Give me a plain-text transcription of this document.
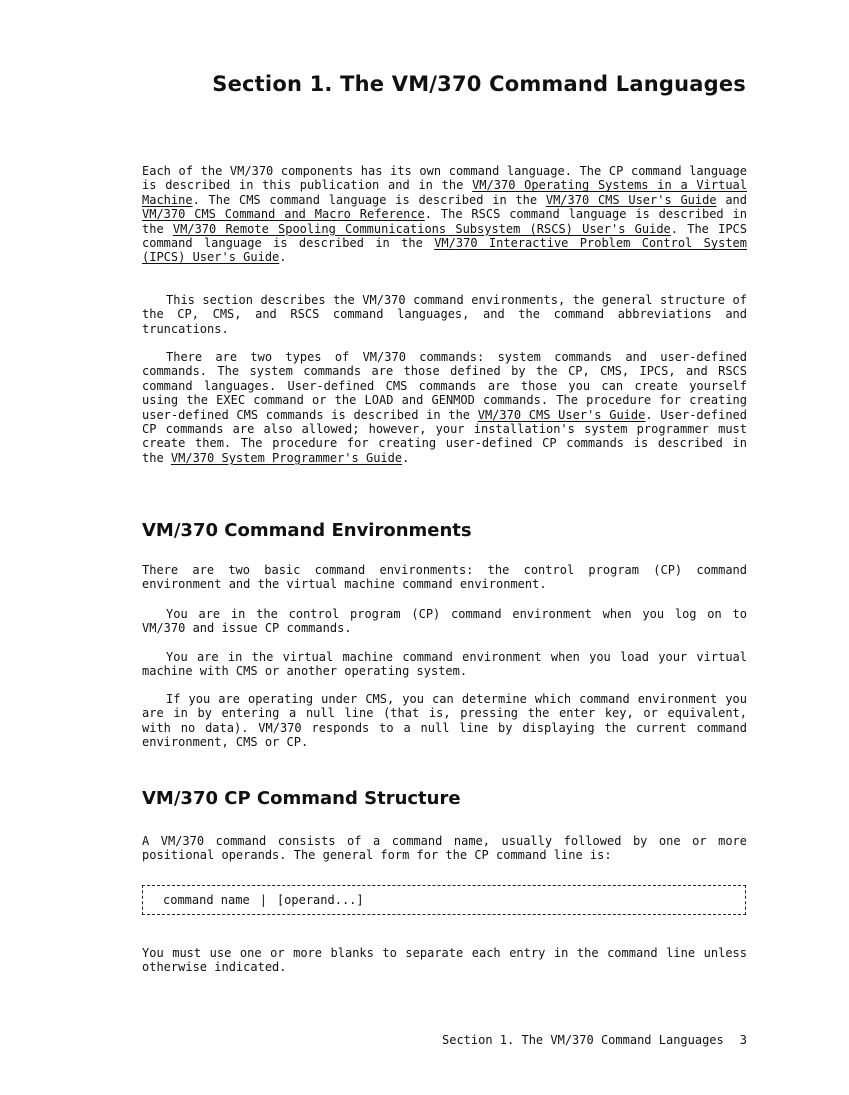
Section 1. The VM/370 Command Languages

Each of the VM/370 components has its own command language. The CP command language is described in this publication and in the VM/370 Operating Systems in a Virtual Machine. The CMS command language is described in the VM/370 CMS User's Guide and VM/370 CMS Command and Macro Reference. The RSCS command language is described in the VM/370 Remote Spooling Communications Subsystem (RSCS) User's Guide. The IPCS command language is described in the VM/370 Interactive Problem Control System (IPCS) User's Guide.

This section describes the VM/370 command environments, the general structure of the CP, CMS, and RSCS command languages, and the command abbreviations and truncations.

There are two types of VM/370 commands: system commands and user-defined commands. The system commands are those defined by the CP, CMS, IPCS, and RSCS command languages. User-defined CMS commands are those you can create yourself using the EXEC command or the LOAD and GENMOD commands. The procedure for creating user-defined CMS commands is described in the VM/370 CMS User's Guide. User-defined CP commands are also allowed; however, your installation's system programmer must create them. The procedure for creating user-defined CP commands is described in the VM/370 System Programmer's Guide.

VM/370 Command Environments

There are two basic command environments: the control program (CP) command environment and the virtual machine command environment.

You are in the control program (CP) command environment when you log on to VM/370 and issue CP commands.

You are in the virtual machine command environment when you load your virtual machine with CMS or another operating system.

If you are operating under CMS, you can determine which command environment you are in by entering a null line (that is, pressing the enter key, or equivalent, with no data). VM/370 responds to a null line by displaying the current command environment, CMS or CP.

VM/370 CP Command Structure

A VM/370 command consists of a command name, usually followed by one or more positional operands. The general form for the CP command line is:

command name | [operand...]

You must use one or more blanks to separate each entry in the command line unless otherwise indicated.

Section 1. The VM/370 Command Languages 3
